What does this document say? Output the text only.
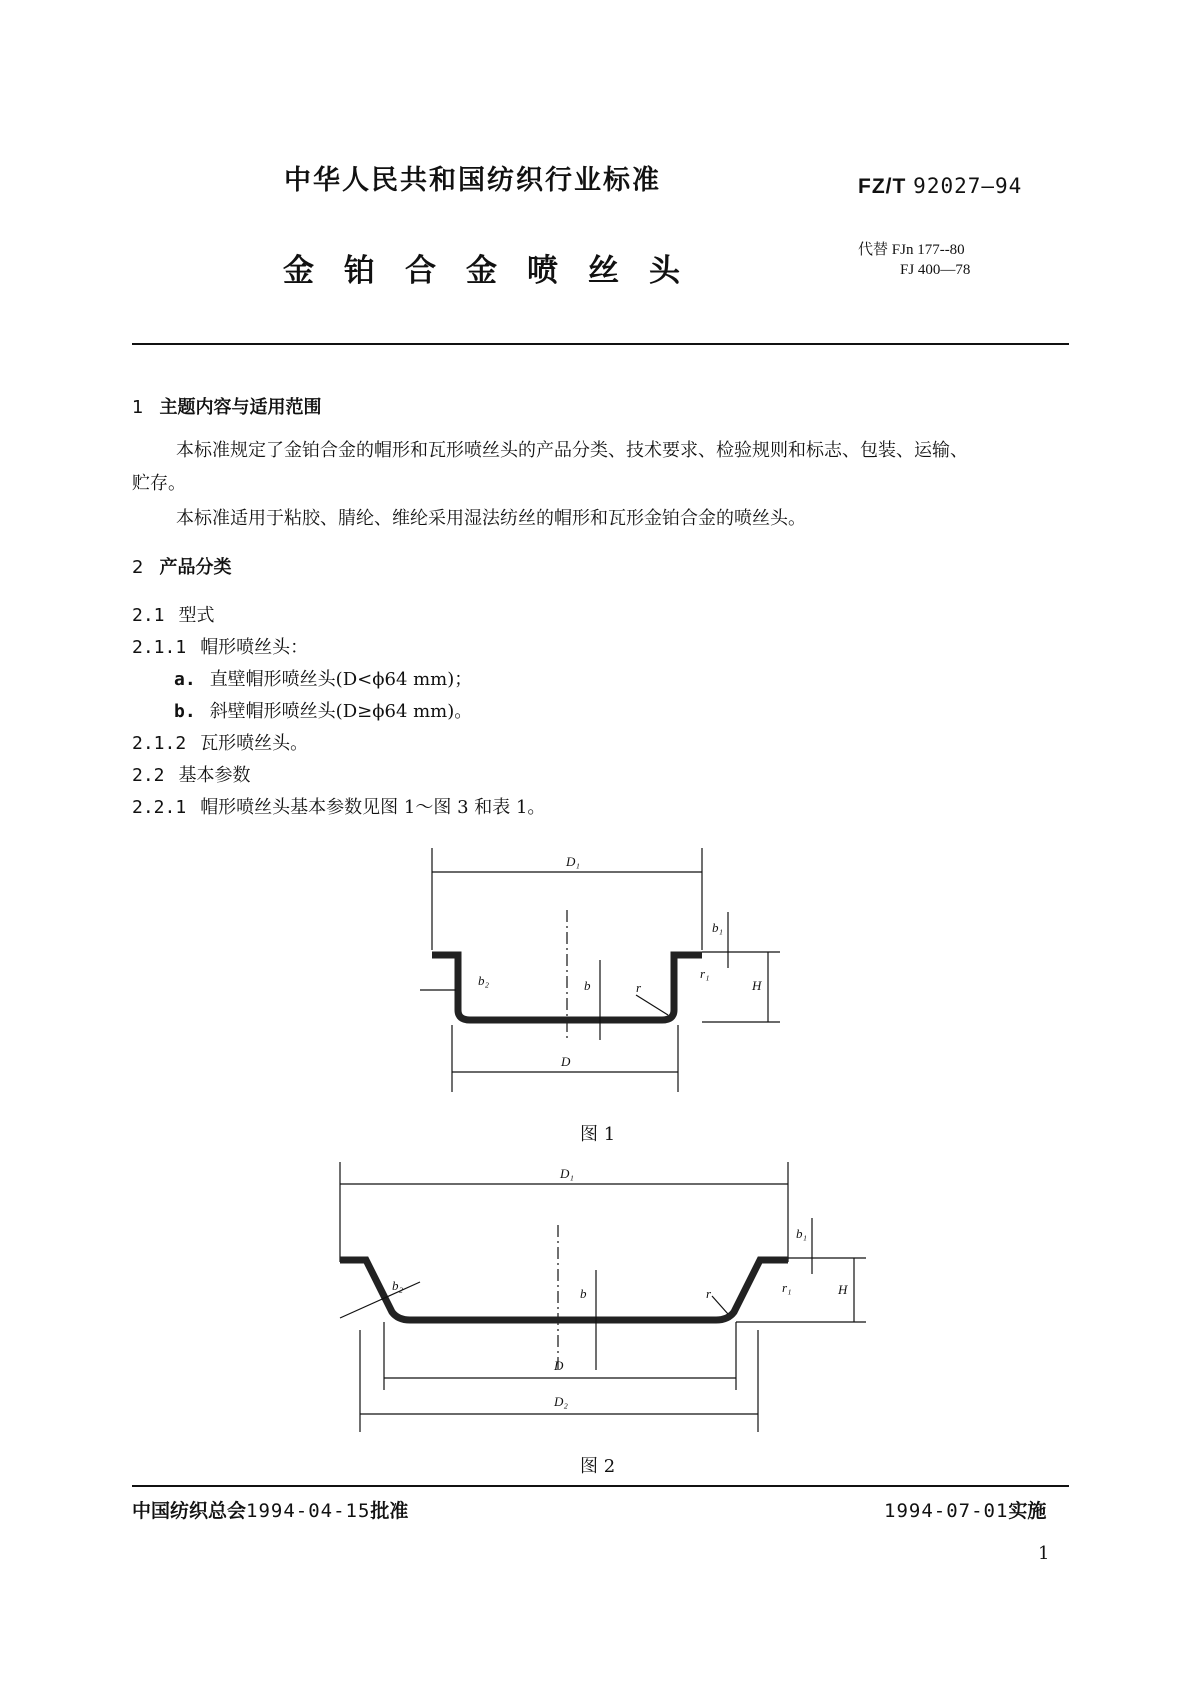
中华人民共和国纺织行业标准	FZ/T 92027—94
金铂合金喷丝头
代替 FJn 177--80
FJ 400—78
1 主题内容与适用范围
本标准规定了金铂合金的帽形和瓦形喷丝头的产品分类、技术要求、检验规则和标志、包装、运输、
贮存。
本标准适用于粘胶、腈纶、维纶采用湿法纺丝的帽形和瓦形金铂合金的喷丝头。
2 产品分类
2.1 型式
2.1.1 帽形喷丝头：
a. 直壁帽形喷丝头(D<ϕ64 mm)；
b. 斜壁帽形喷丝头(D≥ϕ64 mm)。
2.1.2 瓦形喷丝头。
2.2 基本参数
2.2.1 帽形喷丝头基本参数见图 1～图 3 和表 1。
D₁
b₁
b₂	b	r
r₁
H
D
D₁
b₁
b₂
b	r	r₁	H
D
D₂
图 1
图 2
中国纺织总会1994-04-15批准	1994-07-01实施
1
